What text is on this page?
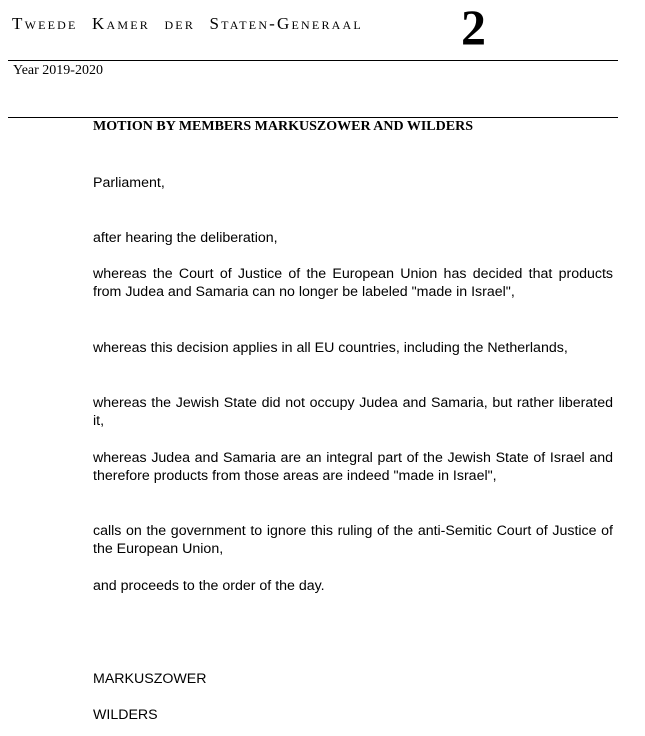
Tweede Kamer der Staten-Generaal 2
Year 2019-2020
MOTION BY MEMBERS MARKUSZOWER AND WILDERS

Parliament,

after hearing the deliberation,

whereas the Court of Justice of the European Union has decided that products from Judea and Samaria can no longer be labeled "made in Israel",

whereas this decision applies in all EU countries, including the Netherlands,

whereas the Jewish State did not occupy Judea and Samaria, but rather liberated it,

whereas Judea and Samaria are an integral part of the Jewish State of Israel and therefore products from those areas are indeed "made in Israel",

calls on the government to ignore this ruling of the anti-Semitic Court of Justice of the European Union,

and proceeds to the order of the day.

MARKUSZOWER

WILDERS
